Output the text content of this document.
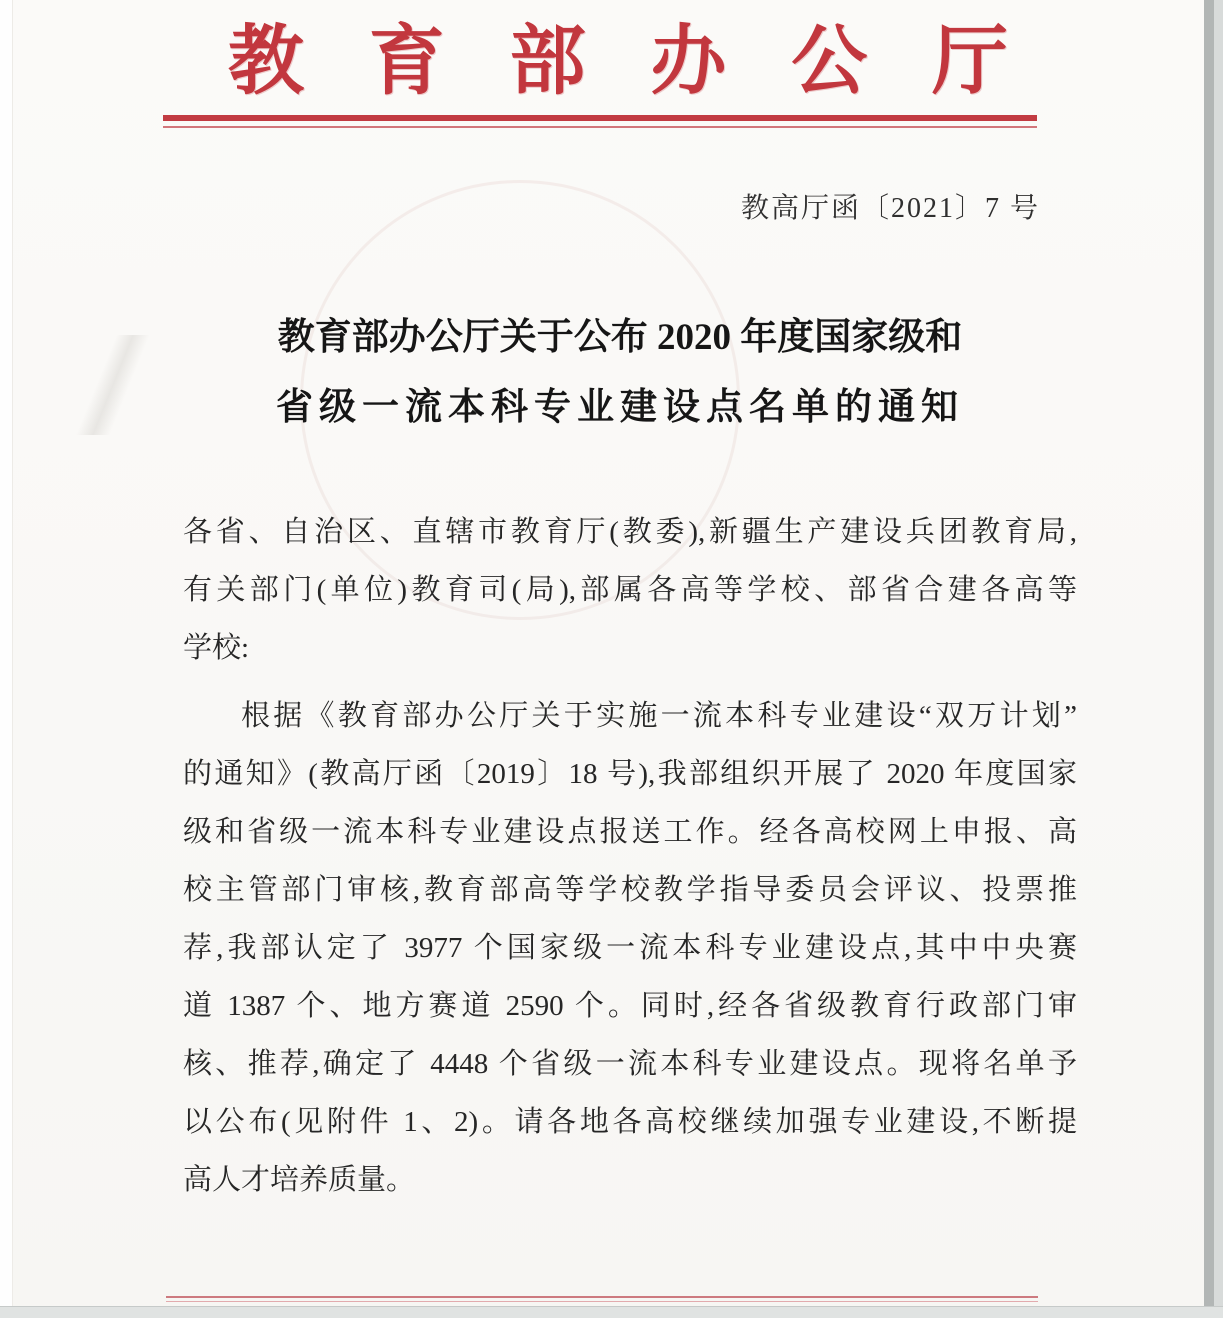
教 育 部 办 公 厅
教高厅函〔2021〕7 号
教育部办公厅关于公布 2020 年度国家级和
省级一流本科专业建设点名单的通知
各省、自治区、直辖市教育厅(教委),新疆生产建设兵团教育局,
有关部门(单位)教育司(局),部属各高等学校、部省合建各高等
学校:
根据《教育部办公厅关于实施一流本科专业建设“双万计划”
的通知》(教高厅函〔2019〕18 号),我部组织开展了 2020 年度国家
级和省级一流本科专业建设点报送工作。经各高校网上申报、高
校主管部门审核,教育部高等学校教学指导委员会评议、投票推
荐,我部认定了 3977 个国家级一流本科专业建设点,其中中央赛
道 1387 个、地方赛道 2590 个。同时,经各省级教育行政部门审
核、推荐,确定了 4448 个省级一流本科专业建设点。现将名单予
以公布(见附件 1、2)。请各地各高校继续加强专业建设,不断提
高人才培养质量。
